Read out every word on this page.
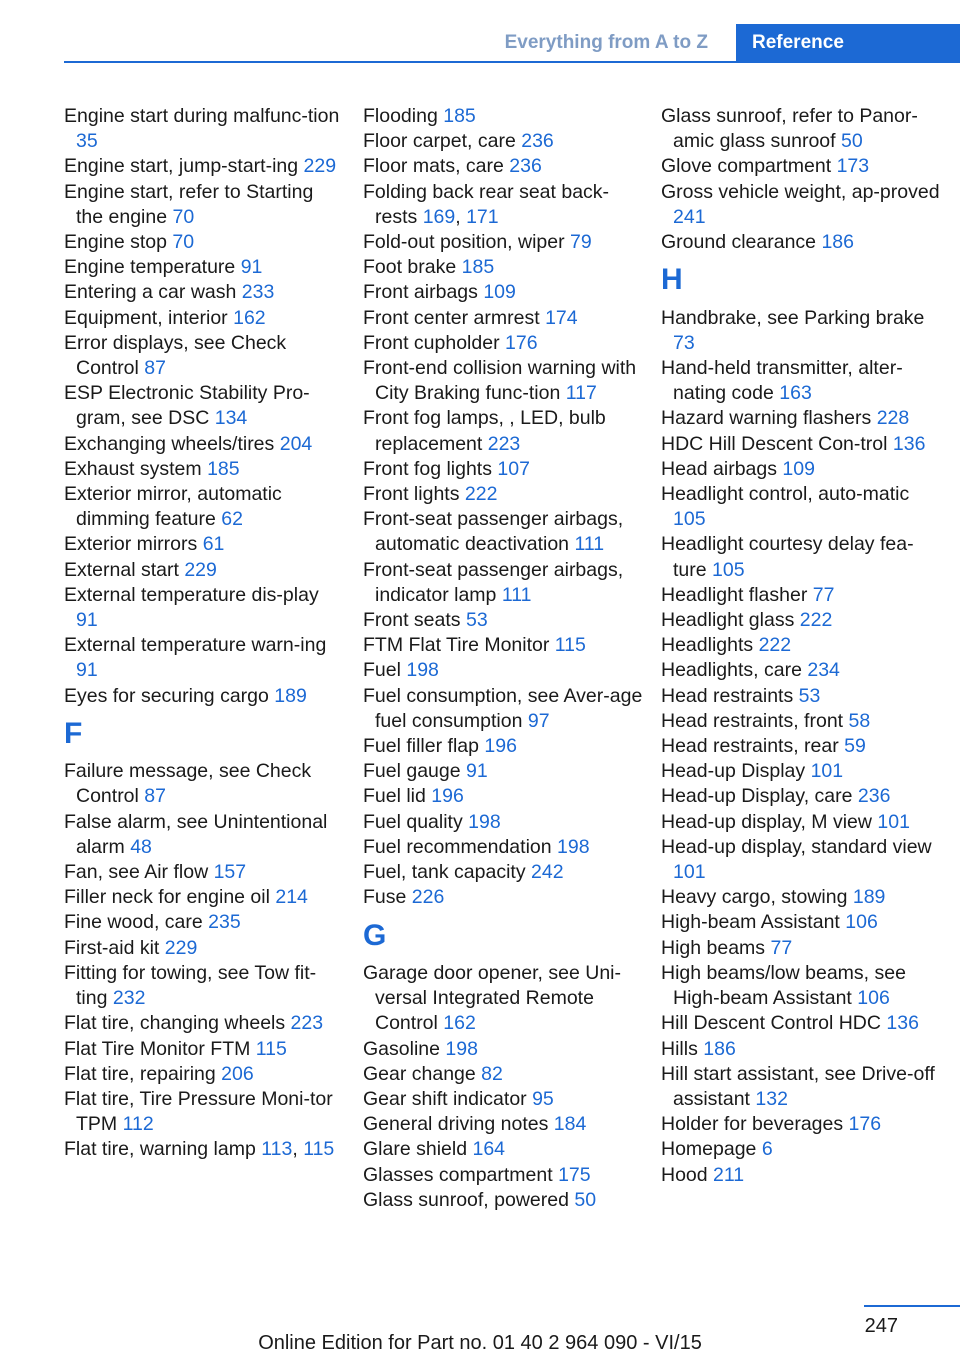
Everything from A to Z	Reference
Engine start during malfunc-tion 35
Engine start, jump-start-ing 229
Engine start, refer to Starting the engine 70
Engine stop 70
Engine temperature 91
Entering a car wash 233
Equipment, interior 162
Error displays, see Check Control 87
ESP Electronic Stability Pro-gram, see DSC 134
Exchanging wheels/tires 204
Exhaust system 185
Exterior mirror, automatic dimming feature 62
Exterior mirrors 61
External start 229
External temperature dis-play 91
External temperature warn-ing 91
Eyes for securing cargo 189
F
Failure message, see Check Control 87
False alarm, see Unintentional alarm 48
Fan, see Air flow 157
Filler neck for engine oil 214
Fine wood, care 235
First-aid kit 229
Fitting for towing, see Tow fit-ting 232
Flat tire, changing wheels 223
Flat Tire Monitor FTM 115
Flat tire, repairing 206
Flat tire, Tire Pressure Moni-tor TPM 112
Flat tire, warning lamp 113, 115
Flooding 185
Floor carpet, care 236
Floor mats, care 236
Folding back rear seat back-rests 169, 171
Fold-out position, wiper 79
Foot brake 185
Front airbags 109
Front center armrest 174
Front cupholder 176
Front-end collision warning with City Braking func-tion 117
Front fog lamps, , LED, bulb replacement 223
Front fog lights 107
Front lights 222
Front-seat passenger airbags, automatic deactivation 111
Front-seat passenger airbags, indicator lamp 111
Front seats 53
FTM Flat Tire Monitor 115
Fuel 198
Fuel consumption, see Aver-age fuel consumption 97
Fuel filler flap 196
Fuel gauge 91
Fuel lid 196
Fuel quality 198
Fuel recommendation 198
Fuel, tank capacity 242
Fuse 226
G
Garage door opener, see Uni-versal Integrated Remote Control 162
Gasoline 198
Gear change 82
Gear shift indicator 95
General driving notes 184
Glare shield 164
Glasses compartment 175
Glass sunroof, powered 50
Glass sunroof, refer to Panor-amic glass sunroof 50
Glove compartment 173
Gross vehicle weight, ap-proved 241
Ground clearance 186
H
Handbrake, see Parking brake 73
Hand-held transmitter, alter-nating code 163
Hazard warning flashers 228
HDC Hill Descent Con-trol 136
Head airbags 109
Headlight control, auto-matic 105
Headlight courtesy delay fea-ture 105
Headlight flasher 77
Headlight glass 222
Headlights 222
Headlights, care 234
Head restraints 53
Head restraints, front 58
Head restraints, rear 59
Head-up Display 101
Head-up Display, care 236
Head-up display, M view 101
Head-up display, standard view 101
Heavy cargo, stowing 189
High-beam Assistant 106
High beams 77
High beams/low beams, see High-beam Assistant 106
Hill Descent Control HDC 136
Hills 186
Hill start assistant, see Drive-off assistant 132
Holder for beverages 176
Homepage 6
Hood 211
247
Online Edition for Part no. 01 40 2 964 090 - VI/15
